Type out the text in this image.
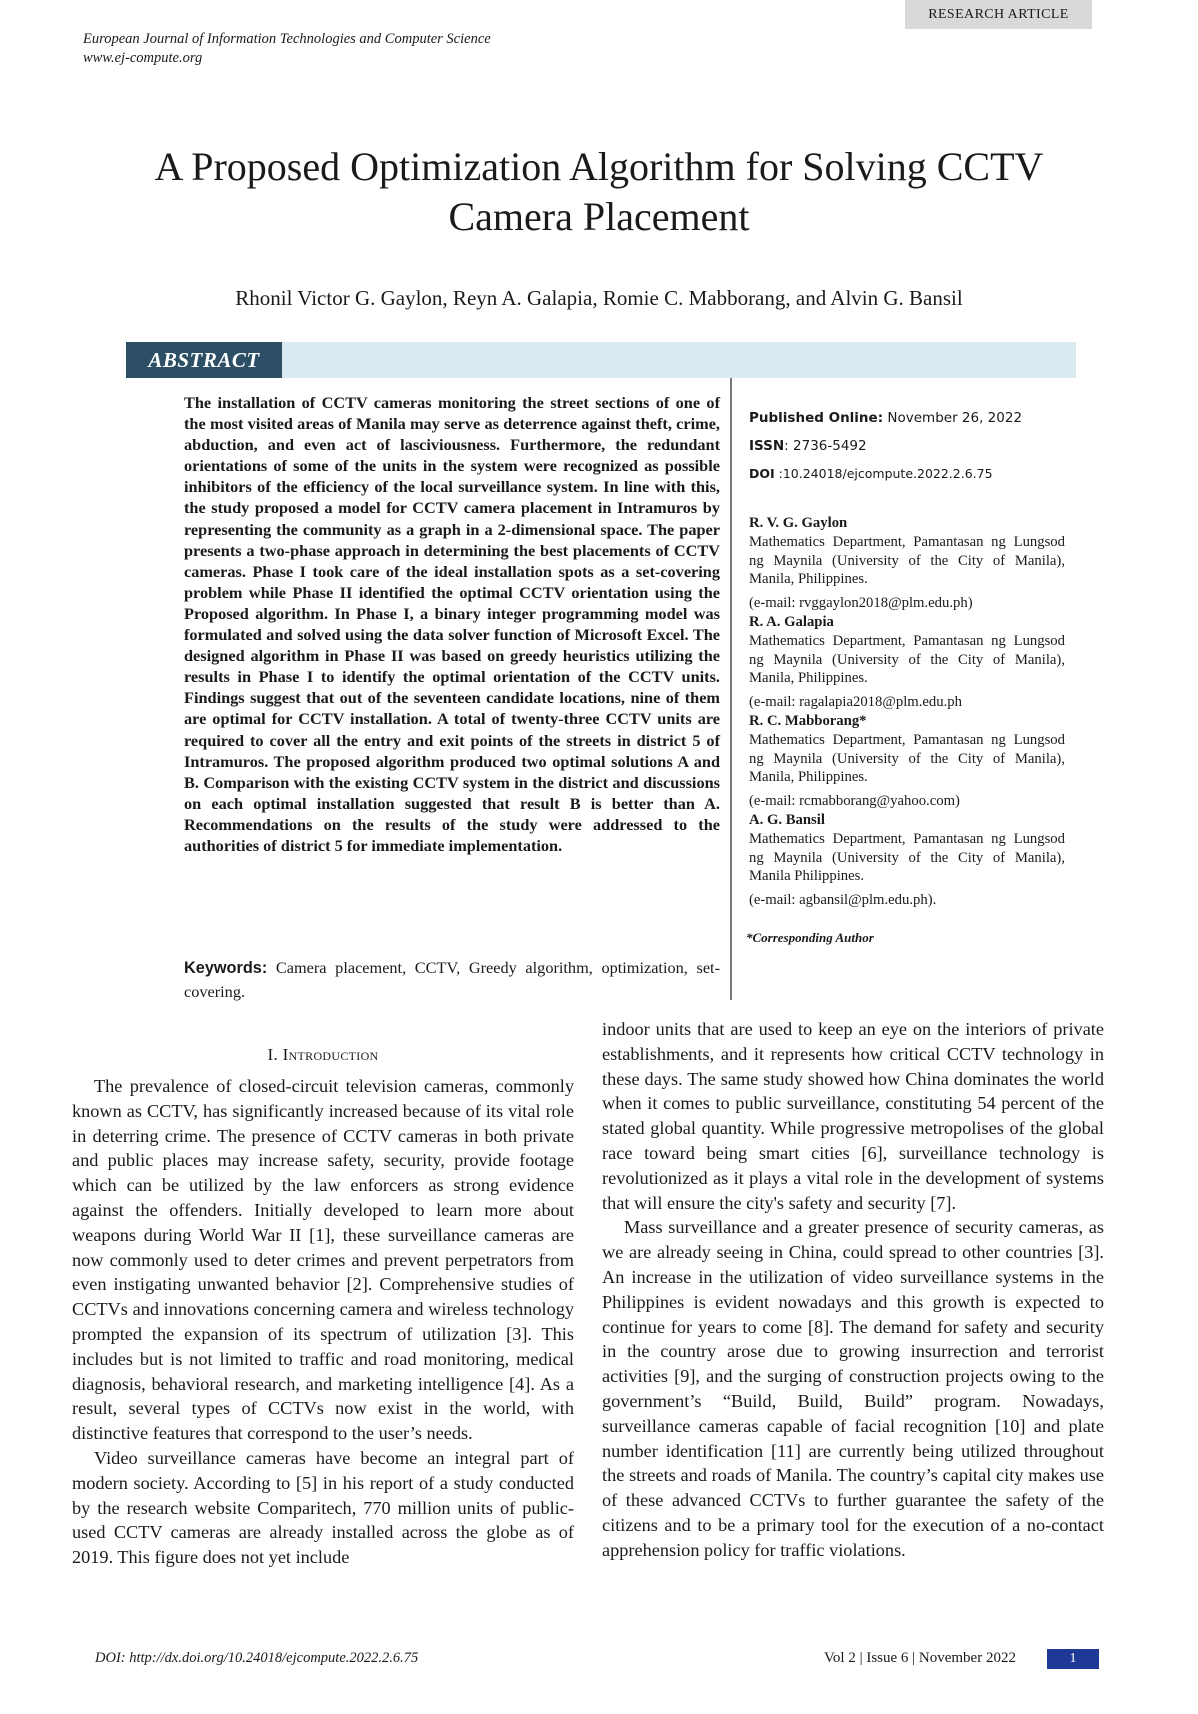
European Journal of Information Technologies and Computer Science
www.ej-compute.org
RESEARCH ARTICLE
A Proposed Optimization Algorithm for Solving CCTV
Camera Placement
Rhonil Victor G. Gaylon, Reyn A. Galapia, Romie C. Mabborang, and Alvin G. Bansil
ABSTRACT
The installation of CCTV cameras monitoring the street sections of one of the most visited areas of Manila may serve as deterrence against theft, crime, abduction, and even act of lasciviousness. Furthermore, the redundant orientations of some of the units in the system were recognized as possible inhibitors of the efficiency of the local surveillance system. In line with this, the study proposed a model for CCTV camera placement in Intramuros by representing the community as a graph in a 2-dimensional space. The paper presents a two-phase approach in determining the best placements of CCTV cameras. Phase I took care of the ideal installation spots as a set-covering problem while Phase II identified the optimal CCTV orientation using the Proposed algorithm. In Phase I, a binary integer programming model was formulated and solved using the data solver function of Microsoft Excel. The designed algorithm in Phase II was based on greedy heuristics utilizing the results in Phase I to identify the optimal orientation of the CCTV units. Findings suggest that out of the seventeen candidate locations, nine of them are optimal for CCTV installation. A total of twenty-three CCTV units are required to cover all the entry and exit points of the streets in district 5 of Intramuros. The proposed algorithm produced two optimal solutions A and B. Comparison with the existing CCTV system in the district and discussions on each optimal installation suggested that result B is better than A. Recommendations on the results of the study were addressed to the authorities of district 5 for immediate implementation.
Keywords: Camera placement, CCTV, Greedy algorithm, optimization, set-covering.
Published Online: November 26, 2022
ISSN: 2736-5492
DOI :10.24018/ejcompute.2022.2.6.75
R. V. G. Gaylon
Mathematics Department, Pamantasan ng Lungsod ng Maynila (University of the City of Manila), Manila, Philippines.
(e-mail: rvggaylon2018@plm.edu.ph)
R. A. Galapia
Mathematics Department, Pamantasan ng Lungsod ng Maynila (University of the City of Manila), Manila, Philippines.
(e-mail: ragalapia2018@plm.edu.ph
R. C. Mabborang*
Mathematics Department, Pamantasan ng Lungsod ng Maynila (University of the City of Manila), Manila, Philippines.
(e-mail: rcmabborang@yahoo.com)
A. G. Bansil
Mathematics Department, Pamantasan ng Lungsod ng Maynila (University of the City of Manila), Manila Philippines.
(e-mail: agbansil@plm.edu.ph).
*Corresponding Author
I. Introduction

The prevalence of closed-circuit television cameras, commonly known as CCTV, has significantly increased because of its vital role in deterring crime. The presence of CCTV cameras in both private and public places may increase safety, security, provide footage which can be utilized by the law enforcers as strong evidence against the offenders. Initially developed to learn more about weapons during World War II [1], these surveillance cameras are now commonly used to deter crimes and prevent perpetrators from even instigating unwanted behavior [2]. Comprehensive studies of CCTVs and innovations concerning camera and wireless technology prompted the expansion of its spectrum of utilization [3]. This includes but is not limited to traffic and road monitoring, medical diagnosis, behavioral research, and marketing intelligence [4]. As a result, several types of CCTVs now exist in the world, with distinctive features that correspond to the user’s needs.

Video surveillance cameras have become an integral part of modern society. According to [5] in his report of a study conducted by the research website Comparitech, 770 million units of public-used CCTV cameras are already installed across the globe as of 2019. This figure does not yet include

indoor units that are used to keep an eye on the interiors of private establishments, and it represents how critical CCTV technology in these days. The same study showed how China dominates the world when it comes to public surveillance, constituting 54 percent of the stated global quantity. While progressive metropolises of the global race toward being smart cities [6], surveillance technology is revolutionized as it plays a vital role in the development of systems that will ensure the city's safety and security [7].

Mass surveillance and a greater presence of security cameras, as we are already seeing in China, could spread to other countries [3]. An increase in the utilization of video surveillance systems in the Philippines is evident nowadays and this growth is expected to continue for years to come [8]. The demand for safety and security in the country arose due to growing insurrection and terrorist activities [9], and the surging of construction projects owing to the government’s “Build, Build, Build” program. Nowadays, surveillance cameras capable of facial recognition [10] and plate number identification [11] are currently being utilized throughout the streets and roads of Manila. The country’s capital city makes use of these advanced CCTVs to further guarantee the safety of the citizens and to be a primary tool for the execution of a no-contact apprehension policy for traffic violations.

DOI: http://dx.doi.org/10.24018/ejcompute.2022.2.6.75	Vol 2 | Issue 6 | November 2022	1
